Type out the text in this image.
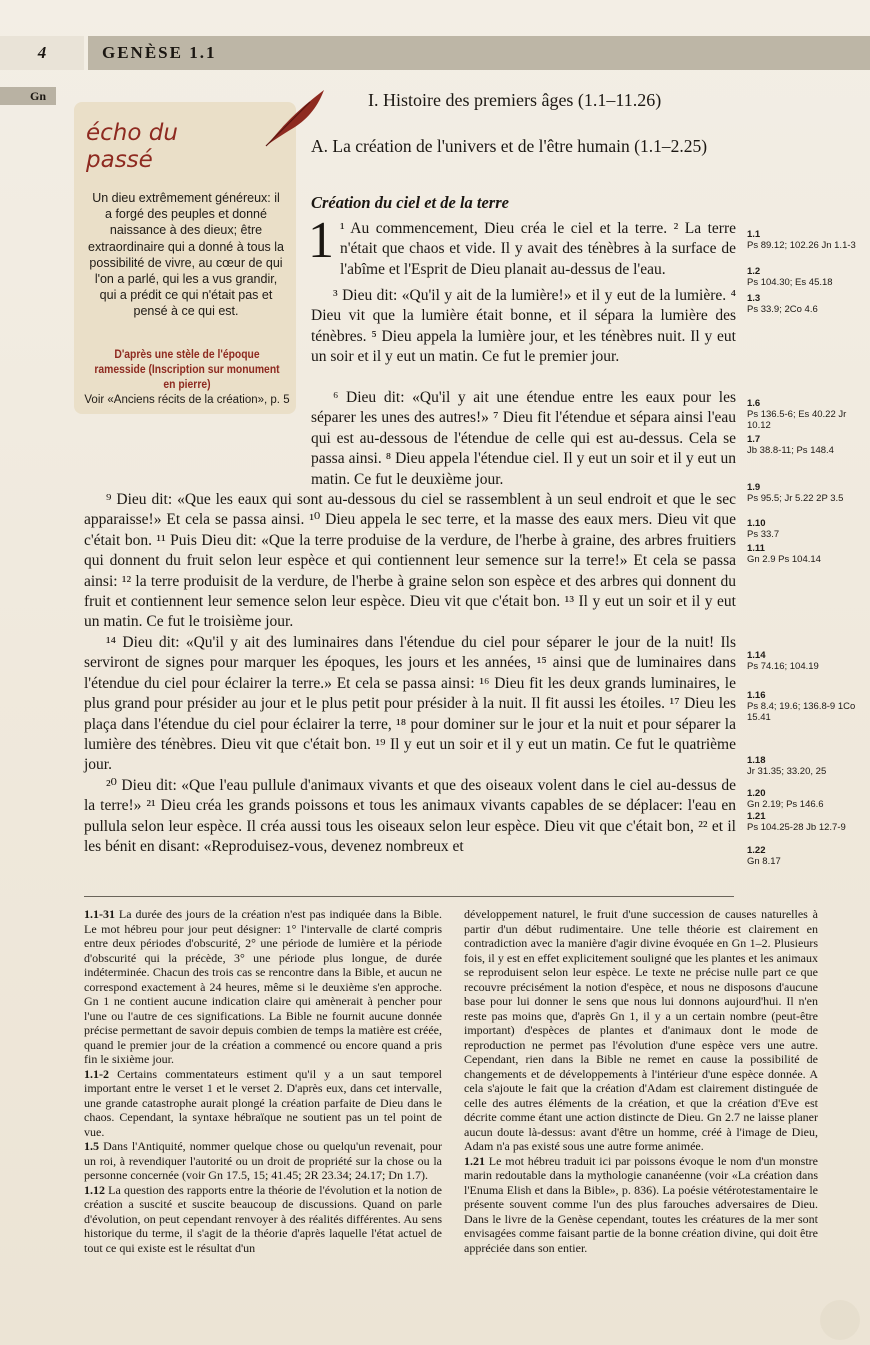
4	GENÈSE 1.1
Gn
écho du passé
Un dieu extrêmement généreux: il a forgé des peuples et donné naissance à des dieux; être extraordinaire qui a donné à tous la possibilité de vivre, au cœur de qui l'on a parlé, qui les a vus grandir, qui a prédit ce qui n'était pas et pensé à ce qui est.
D'après une stèle de l'époque ramesside (Inscription sur monument en pierre)
Voir «Anciens récits de la création», p. 5
I. Histoire des premiers âges (1.1–11.26)
A. La création de l'univers et de l'être humain (1.1–2.25)
Création du ciel et de la terre
1 ¹ Au commencement, Dieu créa le ciel et la terre. ² La terre n'était que chaos et vide. Il y avait des ténèbres à la surface de l'abîme et l'Esprit de Dieu planait au-dessus de l'eau.

³ Dieu dit: «Qu'il y ait de la lumière!» et il y eut de la lumière. ⁴ Dieu vit que la lumière était bonne, et il sépara la lumière des ténèbres. ⁵ Dieu appela la lumière jour, et les ténèbres nuit. Il y eut un soir et il y eut un matin. Ce fut le premier jour.

⁶ Dieu dit: «Qu'il y ait une étendue entre les eaux pour les séparer les unes des autres!» ⁷ Dieu fit l'étendue et sépara ainsi l'eau qui est au-dessous de l'étendue de celle qui est au-dessus. Cela se passa ainsi. ⁸ Dieu appela l'étendue ciel. Il y eut un soir et il y eut un matin. Ce fut le deuxième jour.

⁹ Dieu dit: «Que les eaux qui sont au-dessous du ciel se rassemblent à un seul endroit et que le sec apparaisse!» Et cela se passa ainsi. ¹⁰ Dieu appela le sec terre, et la masse des eaux mers. Dieu vit que c'était bon. ¹¹ Puis Dieu dit: «Que la terre produise de la verdure, de l'herbe à graine, des arbres fruitiers qui donnent du fruit selon leur espèce et qui contiennent leur semence sur la terre!» Et cela se passa ainsi: ¹² la terre produisit de la verdure, de l'herbe à graine selon son espèce et des arbres qui donnent du fruit et contiennent leur semence selon leur espèce. Dieu vit que c'était bon. ¹³ Il y eut un soir et il y eut un matin. Ce fut le troisième jour.

¹⁴ Dieu dit: «Qu'il y ait des luminaires dans l'étendue du ciel pour séparer le jour de la nuit! Ils serviront de signes pour marquer les époques, les jours et les années, ¹⁵ ainsi que de luminaires dans l'étendue du ciel pour éclairer la terre.» Et cela se passa ainsi: ¹⁶ Dieu fit les deux grands luminaires, le plus grand pour présider au jour et le plus petit pour présider à la nuit. Il fit aussi les étoiles. ¹⁷ Dieu les plaça dans l'étendue du ciel pour éclairer la terre, ¹⁸ pour dominer sur le jour et la nuit et pour séparer la lumière des ténèbres. Dieu vit que c'était bon. ¹⁹ Il y eut un soir et il y eut un matin. Ce fut le quatrième jour.

²⁰ Dieu dit: «Que l'eau pullule d'animaux vivants et que des oiseaux volent dans le ciel au-dessus de la terre!» ²¹ Dieu créa les grands poissons et tous les animaux vivants capables de se déplacer: l'eau en pullula selon leur espèce. Il créa aussi tous les oiseaux selon leur espèce. Dieu vit que c'était bon, ²² et il les bénit en disant: «Reproduisez-vous, devenez nombreux et

1.1
Ps 89.12; 102.26 Jn 1.1-3
1.2
Ps 104.30; Es 45.18
1.3
Ps 33.9; 2Co 4.6
1.6
Ps 136.5-6; Es 40.22 Jr 10.12
1.7
Jb 38.8-11; Ps 148.4
1.9
Ps 95.5; Jr 5.22 2P 3.5
1.10
Ps 33.7
1.11
Gn 2.9 Ps 104.14
1.14
Ps 74.16; 104.19
1.16
Ps 8.4; 19.6; 136.8-9 1Co 15.41
1.18
Jr 31.35; 33.20, 25
1.20
Gn 2.19; Ps 146.6
1.21
Ps 104.25-28 Jb 12.7-9
1.22
Gn 8.17

1.1-31 La durée des jours de la création n'est pas indiquée dans la Bible. Le mot hébreu pour jour peut désigner: 1° l'intervalle de clarté compris entre deux périodes d'obscurité, 2° une période de lumière et la période d'obscurité qui la précède, 3° une période plus longue, de durée indéterminée. Chacun des trois cas se rencontre dans la Bible, et aucun ne correspond exactement à 24 heures, même si le deuxième s'en approche. Gn 1 ne contient aucune indication claire qui amènerait à pencher pour l'une ou l'autre de ces significations. La Bible ne fournit aucune donnée précise permettant de savoir depuis combien de temps la matière est créée, quand le premier jour de la création a commencé ou encore quand a pris fin le sixième jour.

1.1-2 Certains commentateurs estiment qu'il y a un saut temporel important entre le verset 1 et le verset 2. D'après eux, dans cet intervalle, une grande catastrophe aurait plongé la création parfaite de Dieu dans le chaos. Cependant, la syntaxe hébraïque ne soutient pas un tel point de vue.

1.5 Dans l'Antiquité, nommer quelque chose ou quelqu'un revenait, pour un roi, à revendiquer l'autorité ou un droit de propriété sur la chose ou la personne concernée (voir Gn 17.5, 15; 41.45; 2R 23.34; 24.17; Dn 1.7).

1.12 La question des rapports entre la théorie de l'évolution et la notion de création a suscité et suscite beaucoup de discussions. Quand on parle d'évolution, on peut cependant renvoyer à des réalités différentes. Au sens historique du terme, il s'agit de la théorie d'après laquelle l'état actuel de tout ce qui existe est le résultat d'un

développement naturel, le fruit d'une succession de causes naturelles à partir d'un début rudimentaire. Une telle théorie est clairement en contradiction avec la manière d'agir divine évoquée en Gn 1–2. Plusieurs fois, il y est en effet explicitement souligné que les plantes et les animaux se reproduisent selon leur espèce. Le texte ne précise nulle part ce que recouvre précisément la notion d'espèce, et nous ne disposons d'aucune base pour lui donner le sens que nous lui donnons aujourd'hui. Il n'en reste pas moins que, d'après Gn 1, il y a un certain nombre (peut-être important) d'espèces de plantes et d'animaux dont le mode de reproduction ne permet pas l'évolution d'une espèce vers une autre. Cependant, rien dans la Bible ne remet en cause la possibilité de changements et de développements à l'intérieur d'une espèce donnée. A cela s'ajoute le fait que la création d'Adam est clairement distinguée de celle des autres éléments de la création, et que la création d'Eve est décrite comme étant une action distincte de Dieu. Gn 2.7 ne laisse planer aucun doute là-dessus: avant d'être un homme, créé à l'image de Dieu, Adam n'a pas existé sous une autre forme animée.

1.21 Le mot hébreu traduit ici par poissons évoque le nom d'un monstre marin redoutable dans la mythologie cananéenne (voir «La création dans l'Enuma Elish et dans la Bible», p. 836). La poésie vétérotestamentaire le présente souvent comme l'un des plus farouches adversaires de Dieu. Dans le livre de la Genèse cependant, toutes les créatures de la mer sont envisagées comme faisant partie de la bonne création divine, qui doit être appréciée dans son entier.
